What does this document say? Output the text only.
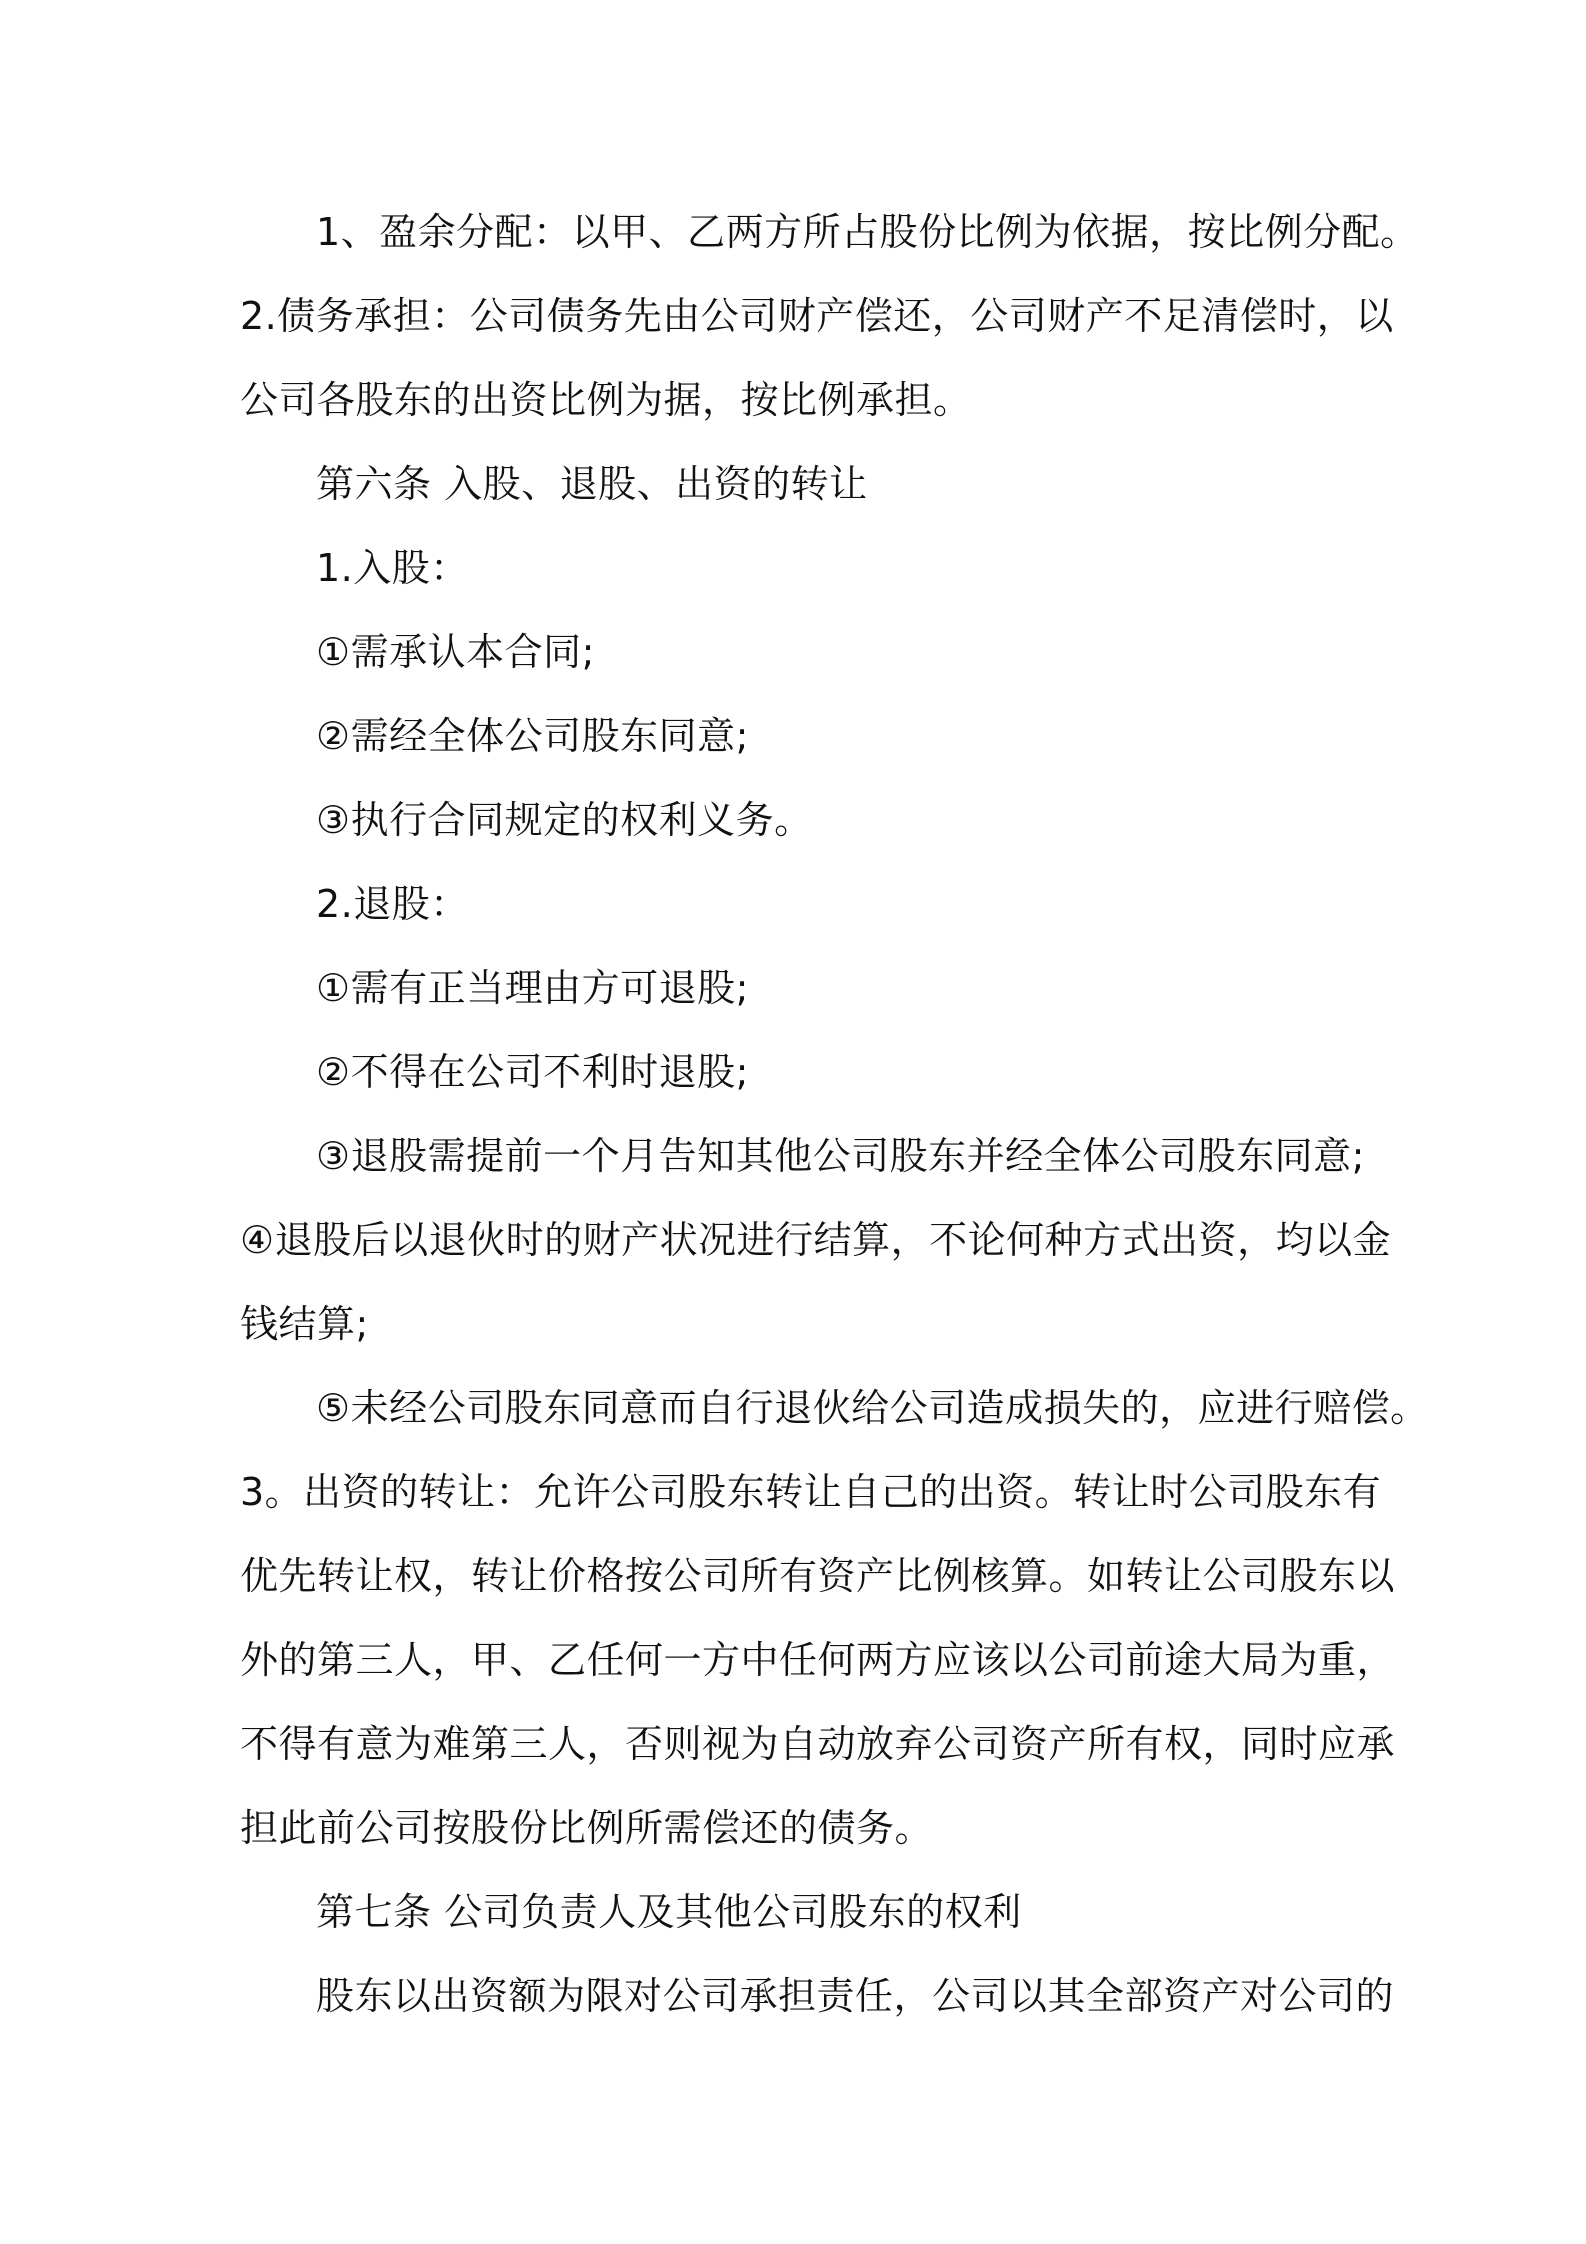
1、盈余分配：以甲、乙两方所占股份比例为依据，按比例分配。

2.债务承担：公司债务先由公司财产偿还，公司财产不足清偿时，以

公司各股东的出资比例为据，按比例承担。

第六条 入股、退股、出资的转让

1.入股：

①需承认本合同;

②需经全体公司股东同意;

③执行合同规定的权利义务。

2.退股：

①需有正当理由方可退股;

②不得在公司不利时退股;

③退股需提前一个月告知其他公司股东并经全体公司股东同意;

④退股后以退伙时的财产状况进行结算，不论何种方式出资，均以金

钱结算;

⑤未经公司股东同意而自行退伙给公司造成损失的，应进行赔偿。

3。出资的转让：允许公司股东转让自己的出资。转让时公司股东有

优先转让权，转让价格按公司所有资产比例核算。如转让公司股东以

外的第三人，甲、乙任何一方中任何两方应该以公司前途大局为重，

不得有意为难第三人，否则视为自动放弃公司资产所有权，同时应承

担此前公司按股份比例所需偿还的债务。

第七条 公司负责人及其他公司股东的权利

股东以出资额为限对公司承担责任，公司以其全部资产对公司的
